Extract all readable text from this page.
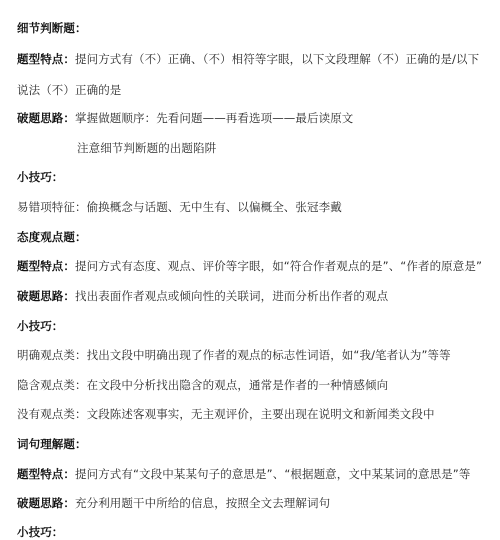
细节判断题：
题型特点：提问方式有（不）正确、（不）相符等字眼，以下文段理解（不）正确的是/以下
说法（不）正确的是
破题思路：掌握做题顺序：先看问题——再看选项——最后读原文
注意细节判断题的出题陷阱
小技巧：
易错项特征：偷换概念与话题、无中生有、以偏概全、张冠李戴
态度观点题：
题型特点：提问方式有态度、观点、评价等字眼，如“符合作者观点的是”、“作者的原意是”
破题思路：找出表面作者观点或倾向性的关联词，进而分析出作者的观点
小技巧：
明确观点类：找出文段中明确出现了作者的观点的标志性词语，如“我/笔者认为”等等
隐含观点类：在文段中分析找出隐含的观点，通常是作者的一种情感倾向
没有观点类：文段陈述客观事实，无主观评价，主要出现在说明文和新闻类文段中
词句理解题：
题型特点：提问方式有“文段中某某句子的意思是”、“根据题意，文中某某词的意思是”等
破题思路：充分利用题干中所给的信息，按照全文去理解词句
小技巧：
